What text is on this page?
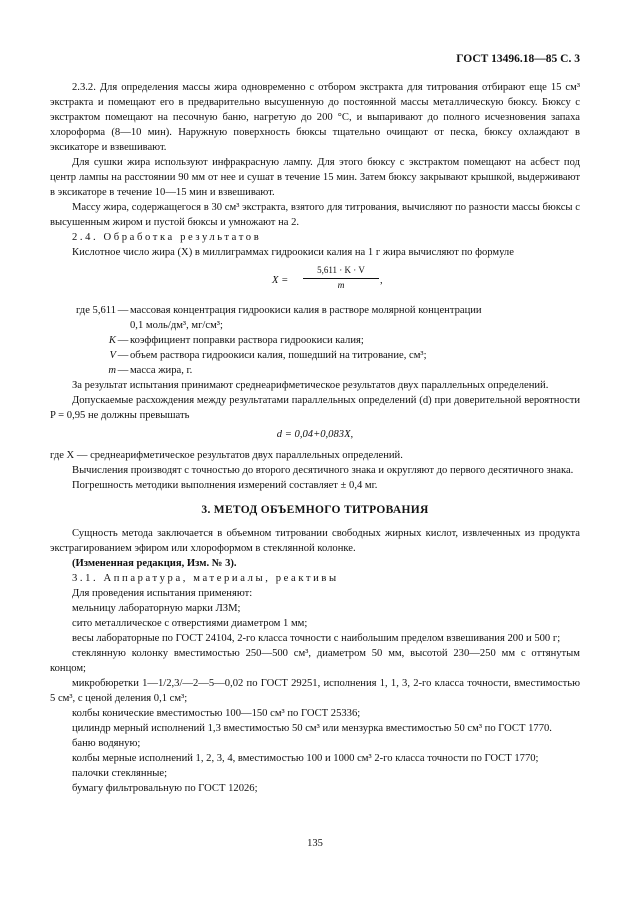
ГОСТ 13496.18—85 С. 3

2.3.2. Для определения массы жира одновременно с отбором экстракта для титрования отбирают еще 15 см³ экстракта и помещают его в предварительно высушенную до постоянной массы металлическую бюксу. Бюксу с экстрактом помещают на песочную баню, нагретую до 200 °С, и выпаривают до полного исчезновения запаха хлороформа (8—10 мин). Наружную поверхность бюксы тщательно очищают от песка, бюксу охлаждают в эксикаторе и взвешивают.

Для сушки жира используют инфракрасную лампу. Для этого бюксу с экстрактом помещают на асбест под центр лампы на расстоянии 90 мм от нее и сушат в течение 15 мин. Затем бюксу закрывают крышкой, выдерживают в эксикаторе в течение 10—15 мин и взвешивают.

Массу жира, содержащегося в 30 см³ экстракта, взятого для титрования, вычисляют по разности массы бюксы с высушенным жиром и пустой бюксы и умножают на 2.

2.4. Обработка результатов

Кислотное число жира (X) в миллиграммах гидроокиси калия на 1 г жира вычисляют по формуле

$X = \frac{5,611 \cdot K \cdot V}{m}$ ,
где 5,611 — массовая концентрация гидроокиси калия в растворе молярной концентрации
0,1 моль/дм³, мг/см³;
K — коэффициент поправки раствора гидроокиси калия;
V — объем раствора гидроокиси калия, пошедший на титрование, см³;
m — масса жира, г.

За результат испытания принимают среднеарифметическое результатов двух параллельных определений.

Допускаемые расхождения между результатами параллельных определений (d) при доверительной вероятности P = 0,95 не должны превышать

d = 0,04+0,083X,

где X — среднеарифметическое результатов двух параллельных определений.

Вычисления производят с точностью до второго десятичного знака и округляют до первого десятичного знака.

Погрешность методики выполнения измерений составляет ± 0,4 мг.

3. МЕТОД ОБЪЕМНОГО ТИТРОВАНИЯ

Сущность метода заключается в объемном титровании свободных жирных кислот, извлеченных из продукта экстрагированием эфиром или хлороформом в стеклянной колонке.

(Измененная редакция, Изм. № 3).

3.1. Аппаратура, материалы, реактивы

Для проведения испытания применяют:

мельницу лабораторную марки ЛЗМ;

сито металлическое с отверстиями диаметром 1 мм;

весы лабораторные по ГОСТ 24104, 2-го класса точности с наибольшим пределом взвешивания 200 и 500 г;

стеклянную колонку вместимостью 250—500 см³, диаметром 50 мм, высотой 230—250 мм с оттянутым концом;

микробюретки 1—1/2,3/—2—5—0,02 по ГОСТ 29251, исполнения 1, 1, 3, 2-го класса точности, вместимостью 5 см³, с ценой деления 0,1 см³;

колбы конические вместимостью 100—150 см³ по ГОСТ 25336;

цилиндр мерный исполнений 1,3 вместимостью 50 см³ или мензурка вместимостью 50 см³ по ГОСТ 1770.

баню водяную;

колбы мерные исполнений 1, 2, 3, 4, вместимостью 100 и 1000 см³ 2-го класса точности по ГОСТ 1770;

палочки стеклянные;

бумагу фильтровальную по ГОСТ 12026;

135
